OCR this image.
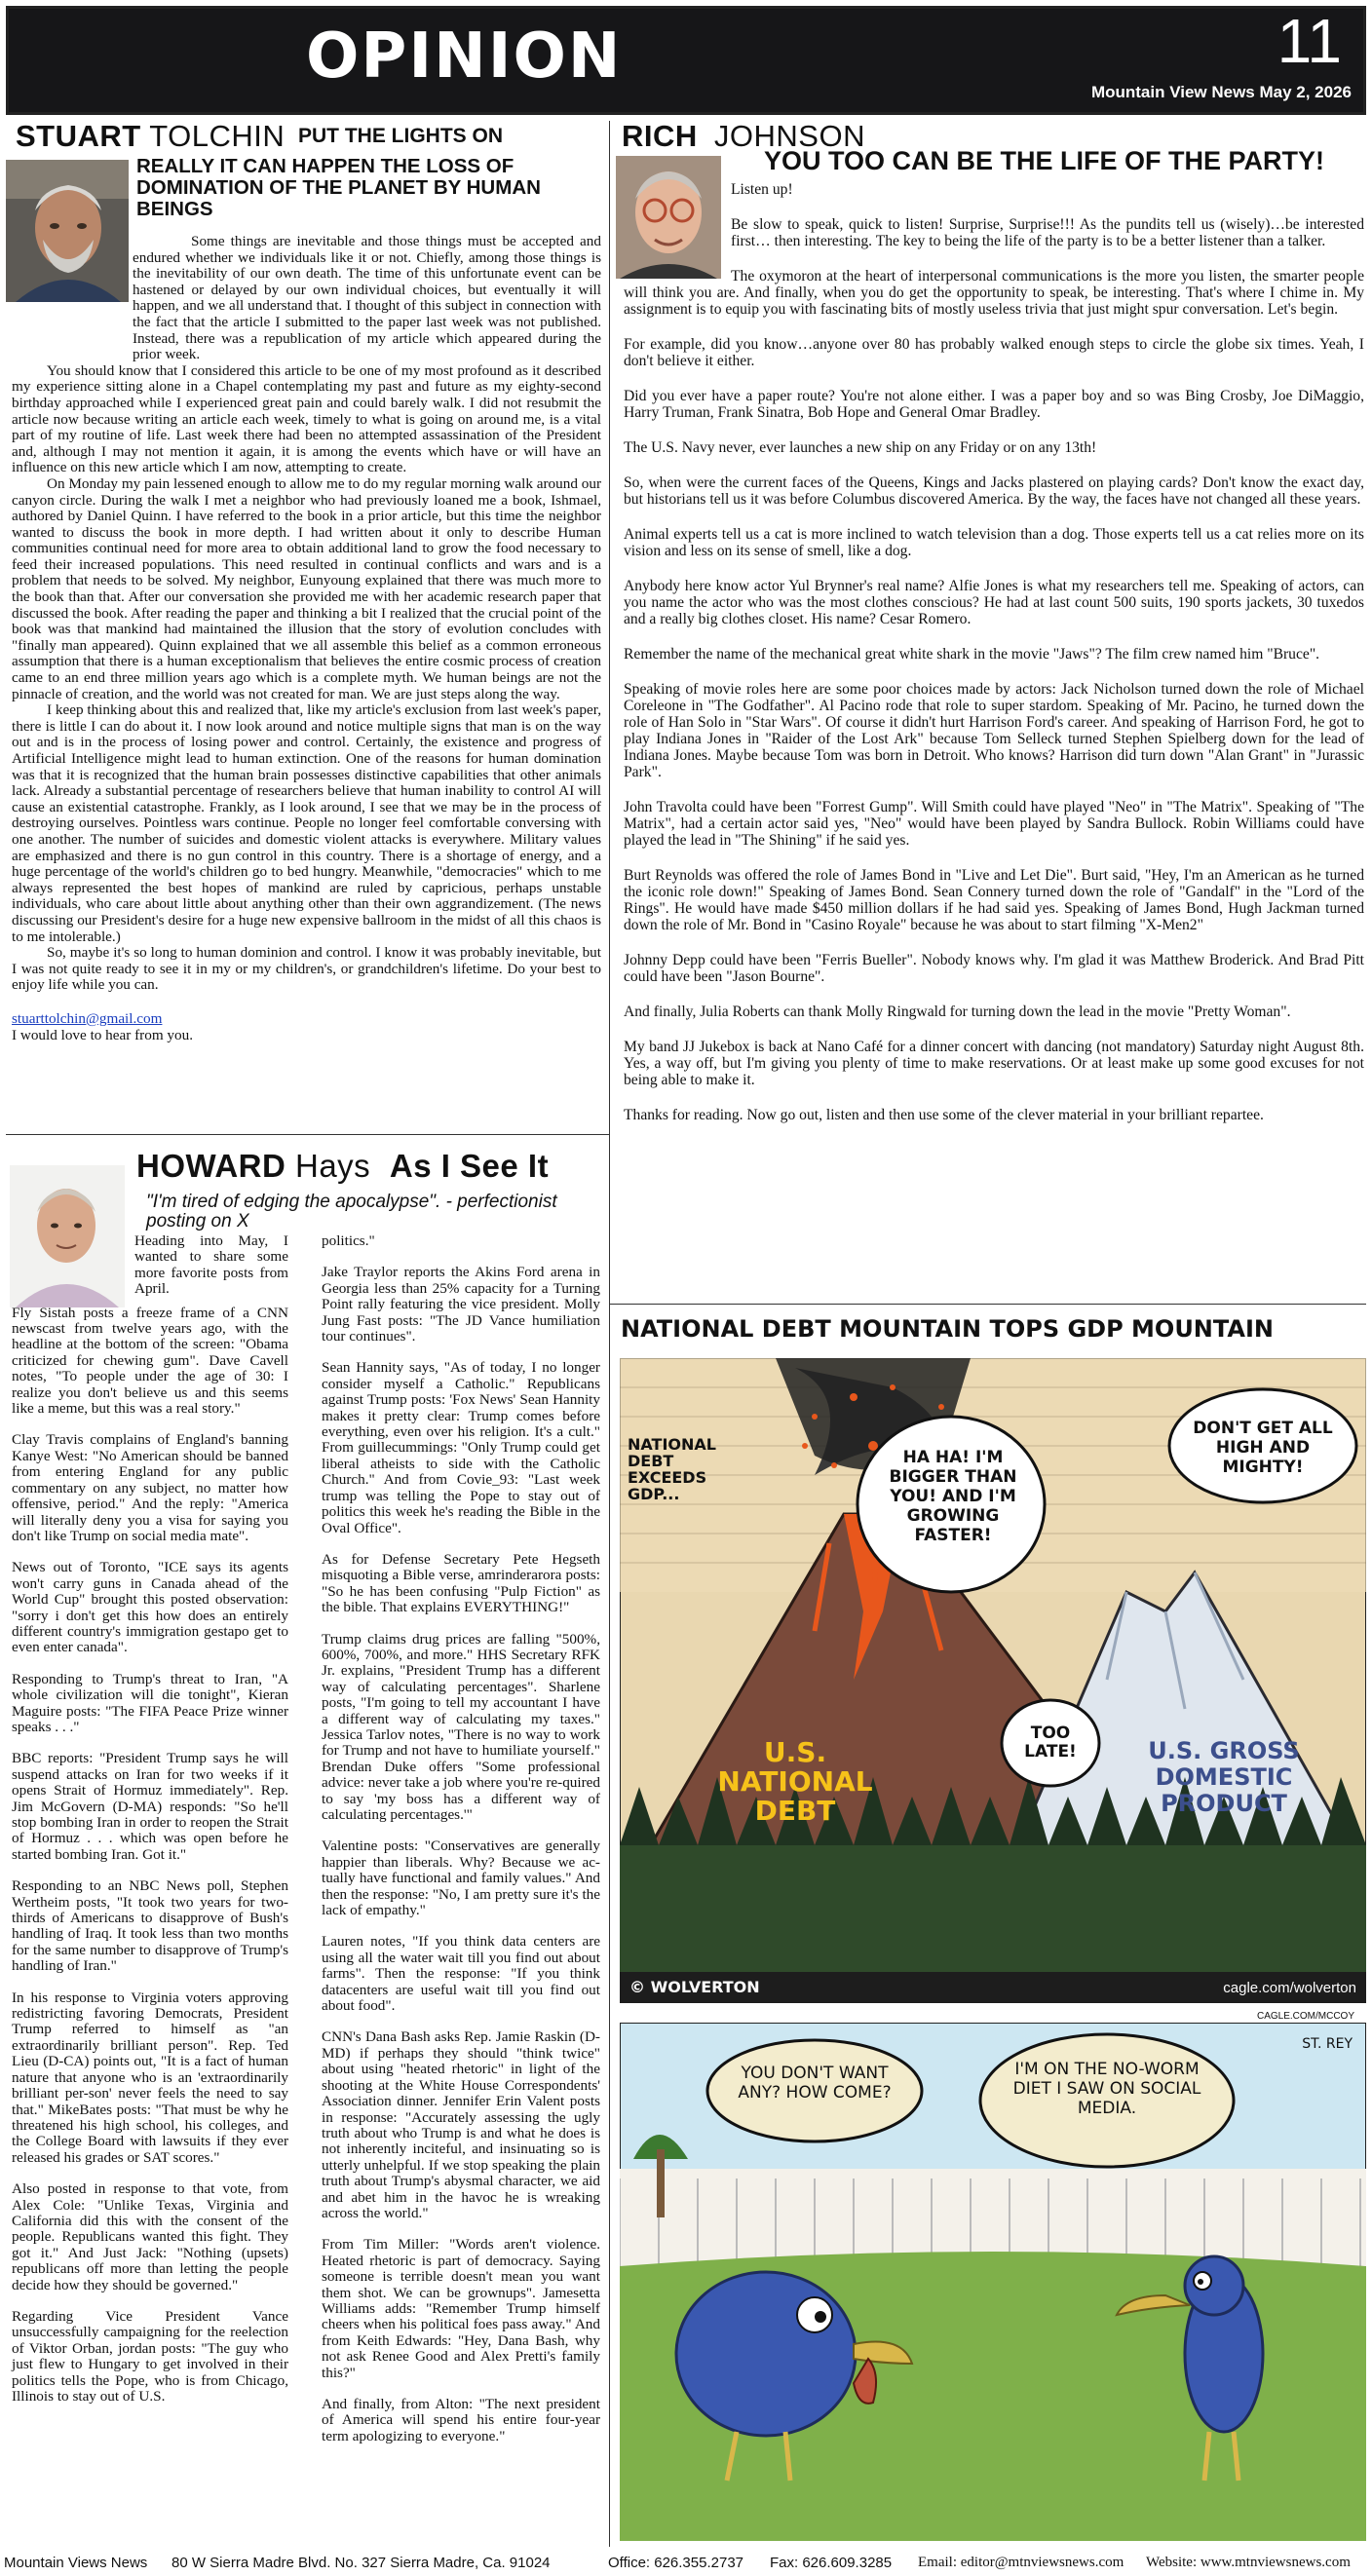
OPINION	11
Mountain View News May 2, 2026
STUART TOLCHIN PUT THE LIGHTS ON
REALLY IT CAN HAPPEN THE LOSS OF DOMINATION OF THE PLANET BY HUMAN BEINGS

Some things are inevitable and those things must be accepted and endured whether we individuals like it or not. Chiefly, among those things is the inevitability of our own death. The time of this unfortunate event can be hastened or delayed by our own individual choices, but eventually it will happen, and we all understand that. I thought of this subject in connection with the fact that the article I submitted to the paper last week was not published. Instead, there was a republication of my article which appeared during the prior week.

You should know that I considered this article to be one of my most profound as it described my experience sitting alone in a Chapel contemplating my past and future as my eighty-second birthday approached while I experienced great pain and could barely walk. I did not resubmit the article now because writing an article each week, timely to what is going on around me, is a vital part of my routine of life. Last week there had been no attempted assassination of the President and, although I may not mention it again, it is among the events which have or will have an influence on this new article which I am now, attempting to create.

On Monday my pain lessened enough to allow me to do my regular morning walk around our canyon circle. During the walk I met a neighbor who had previously loaned me a book, Ishmael, authored by Daniel Quinn. I have referred to the book in a prior article, but this time the neighbor wanted to discuss the book in more depth. I had written about it only to describe Human communities continual need for more area to obtain additional land to grow the food necessary to feed their increased populations. This need resulted in continual conflicts and wars and is a problem that needs to be solved. My neighbor, Eunyoung explained that there was much more to the book than that. After our conversation she provided me with her academic research paper that discussed the book. After reading the paper and thinking a bit I realized that the crucial point of the book was that mankind had maintained the illusion that the story of evolution concludes with "finally man appeared). Quinn explained that we all assemble this belief as a common erroneous assumption that there is a human exceptionalism that believes the entire cosmic process of creation came to an end three million years ago which is a complete myth. We human beings are not the pinnacle of creation, and the world was not created for man. We are just steps along the way.

I keep thinking about this and realized that, like my article's exclusion from last week's paper, there is little I can do about it. I now look around and notice multiple signs that man is on the way out and is in the process of losing power and control. Certainly, the existence and progress of Artificial Intelligence might lead to human extinction. One of the reasons for human domination was that it is recognized that the human brain possesses distinctive capabilities that other animals lack. Already a substantial percentage of researchers believe that human inability to control AI will cause an existential catastrophe. Frankly, as I look around, I see that we may be in the process of destroying ourselves. Pointless wars continue. People no longer feel comfortable conversing with one another. The number of suicides and domestic violent attacks is everywhere. Military values are emphasized and there is no gun control in this country. There is a shortage of energy, and a huge percentage of the world's children go to bed hungry. Meanwhile, "democracies" which to me always represented the best hopes of mankind are ruled by capricious, perhaps unstable individuals, who care about little about anything other than their own aggrandizement. (The news discussing our President's desire for a huge new expensive ballroom in the midst of all this chaos is to me intolerable.)

So, maybe it's so long to human dominion and control. I know it was probably inevitable, but I was not quite ready to see it in my or my children's, or grandchildren's lifetime. Do your best to enjoy life while you can.

stuarttolchin@gmail.com

I would love to hear from you.

HOWARD Hays As I See It
"I'm tired of edging the apocalypse". - perfectionist posting on X

Heading into May, I wanted to share some more favorite posts from April.

Fly Sistah posts a freeze frame of a CNN newscast from twelve years ago, with the headline at the bottom of the screen: "Obama criticized for chewing gum". Dave Cavell notes, "To people under the age of 30: I realize you don't believe us and this seems like a meme, but this was a real story."

Clay Travis complains of England's banning Kanye West: "No American should be banned from entering England for any public commentary on any subject, no matter how offensive, period." And the reply: "America will literally deny you a visa for saying you don't like Trump on social media mate".

News out of Toronto, "ICE says its agents won't carry guns in Canada ahead of the World Cup" brought this posted observation: "sorry i don't get this how does an entirely different country's immigration gestapo get to even enter canada".

Responding to Trump's threat to Iran, "A whole civilization will die tonight", Kieran Maguire posts: "The FIFA Peace Prize winner speaks . . ."

BBC reports: "President Trump says he will suspend attacks on Iran for two weeks if it opens Strait of Hormuz immediately". Rep. Jim McGovern (D-MA) responds: "So he'll stop bombing Iran in order to reopen the Strait of Hormuz . . . which was open before he started bombing Iran. Got it."

Responding to an NBC News poll, Stephen Wertheim posts, "It took two years for two-thirds of Americans to disapprove of Bush's handling of Iraq. It took less than two months for the same number to disapprove of Trump's handling of Iran."

In his response to Virginia voters approving redistricting favoring Democrats, President Trump referred to himself as "an extraordinarily brilliant person". Rep. Ted Lieu (D-CA) points out, "It is a fact of human nature that anyone who is an 'extraordinarily brilliant per-son' never feels the need to say that." MikeBates posts: "That must be why he threatened his high school, his colleges, and the College Board with lawsuits if they ever released his grades or SAT scores."

Also posted in response to that vote, from Alex Cole: "Unlike Texas, Virginia and California did this with the consent of the people. Republicans wanted this fight. They got it." And Just Jack: "Nothing (upsets) republicans off more than letting the people decide how they should be governed."

Regarding Vice President Vance unsuccessfully campaigning for the reelection of Viktor Orban, jordan posts: "The guy who just flew to Hungary to get involved in their politics tells the Pope, who is from Chicago, Illinois to stay out of U.S.

politics."

Jake Traylor reports the Akins Ford arena in Georgia less than 25% capacity for a Turning Point rally featuring the vice president. Molly Jung Fast posts: "The JD Vance humiliation tour continues".

Sean Hannity says, "As of today, I no longer consider myself a Catholic." Republicans against Trump posts: 'Fox News' Sean Hannity makes it pretty clear: Trump comes before everything, even over his religion. It's a cult." From guillecummings: "Only Trump could get liberal atheists to side with the Catholic Church." And from Covie_93: "Last week trump was telling the Pope to stay out of politics this week he's reading the Bible in the Oval Office".

As for Defense Secretary Pete Hegseth misquoting a Bible verse, amrinderarora posts: "So he has been confusing "Pulp Fiction" as the bible. That explains EVERYTHING!"

Trump claims drug prices are falling "500%, 600%, 700%, and more." HHS Secretary RFK Jr. explains, "President Trump has a different way of calculating percentages". Sharlene posts, "I'm going to tell my accountant I have a different way of calculating my taxes." Jessica Tarlov notes, "There is no way to work for Trump and not have to humiliate yourself." Brendan Duke offers "Some professional advice: never take a job where you're re-quired to say 'my boss has a different way of calculating percentages.'"

Valentine posts: "Conservatives are generally happier than liberals. Why? Because we ac-tually have functional and family values." And then the response: "No, I am pretty sure it's the lack of empathy."

Lauren notes, "If you think data centers are using all the water wait till you find out about farms". Then the response: "If you think datacenters are useful wait till you find out about food".

CNN's Dana Bash asks Rep. Jamie Raskin (D-MD) if perhaps they should "think twice" about using "heated rhetoric" in light of the shooting at the White House Correspondents' Association dinner. Jennifer Erin Valent posts in response: "Accurately assessing the ugly truth about who Trump is and what he does is not inherently inciteful, and insinuating so is utterly unhelpful. If we stop speaking the plain truth about Trump's abysmal character, we aid and abet him in the havoc he is wreaking across the world."

From Tim Miller: "Words aren't violence. Heated rhetoric is part of democracy. Saying someone is terrible doesn't mean you want them shot. We can be grownups". Jamesetta Williams adds: "Remember Trump himself cheers when his political foes pass away." And from Keith Edwards: "Hey, Dana Bash, why not ask Renee Good and Alex Pretti's family this?"

And finally, from Alton: "The next president of America will spend his entire four-year term apologizing to everyone."

RICH JOHNSON
YOU TOO CAN BE THE LIFE OF THE PARTY!

Listen up!

Be slow to speak, quick to listen! Surprise, Surprise!!! As the pundits tell us (wisely)…be interested first… then interesting. The key to being the life of the party is to be a better listener than a talker.

The oxymoron at the heart of interpersonal communications is the more you listen, the smarter people will think you are. And finally, when you do get the opportunity to speak, be interesting. That's where I chime in. My assignment is to equip you with fascinating bits of mostly useless trivia that just might spur conversation. Let's begin.

For example, did you know…anyone over 80 has probably walked enough steps to circle the globe six times. Yeah, I don't believe it either.

Did you ever have a paper route? You're not alone either. I was a paper boy and so was Bing Crosby, Joe DiMaggio, Harry Truman, Frank Sinatra, Bob Hope and General Omar Bradley.

The U.S. Navy never, ever launches a new ship on any Friday or on any 13th!

So, when were the current faces of the Queens, Kings and Jacks plastered on playing cards? Don't know the exact day, but historians tell us it was before Columbus discovered America. By the way, the faces have not changed all these years.

Animal experts tell us a cat is more inclined to watch television than a dog. Those experts tell us a cat relies more on its vision and less on its sense of smell, like a dog.

Anybody here know actor Yul Brynner's real name? Alfie Jones is what my researchers tell me. Speaking of actors, can you name the actor who was the most clothes conscious? He had at last count 500 suits, 190 sports jackets, 30 tuxedos and a really big clothes closet. His name? Cesar Romero.

Remember the name of the mechanical great white shark in the movie "Jaws"? The film crew named him "Bruce".

Speaking of movie roles here are some poor choices made by actors: Jack Nicholson turned down the role of Michael Coreleone in "The Godfather". Al Pacino rode that role to super stardom. Speaking of Mr. Pacino, he turned down the role of Han Solo in "Star Wars". Of course it didn't hurt Harrison Ford's career. And speaking of Harrison Ford, he got to play Indiana Jones in "Raider of the Lost Ark" because Tom Selleck turned Stephen Spielberg down for the lead of Indiana Jones. Maybe because Tom was born in Detroit. Who knows? Harrison did turn down "Alan Grant" in "Jurassic Park".

John Travolta could have been "Forrest Gump". Will Smith could have played "Neo" in "The Matrix". Speaking of "The Matrix", had a certain actor said yes, "Neo" would have been played by Sandra Bullock. Robin Williams could have played the lead in "The Shining" if he said yes.

Burt Reynolds was offered the role of James Bond in "Live and Let Die". Burt said, "Hey, I'm an American as he turned the iconic role down!" Speaking of James Bond. Sean Connery turned down the role of "Gandalf" in the "Lord of the Rings". He would have made $450 million dollars if he had said yes. Speaking of James Bond, Hugh Jackman turned down the role of Mr. Bond in "Casino Royale" because he was about to start filming "X-Men2"

Johnny Depp could have been "Ferris Bueller". Nobody knows why. I'm glad it was Matthew Broderick. And Brad Pitt could have been "Jason Bourne".

And finally, Julia Roberts can thank Molly Ringwald for turning down the lead in the movie "Pretty Woman".

My band JJ Jukebox is back at Nano Café for a dinner concert with dancing (not mandatory) Saturday night August 8th. Yes, a way off, but I'm giving you plenty of time to make reservations. Or at least make up some good excuses for not being able to make it.

Thanks for reading. Now go out, listen and then use some of the clever material in your brilliant repartee.

NATIONAL DEBT MOUNTAIN TOPS GDP MOUNTAIN
NATIONAL DEBT EXCEEDS GDP...
HA HA! I'M BIGGER THAN YOU! AND I'M GROWING FASTER!
DON'T GET ALL HIGH AND MIGHTY!
TOO LATE!
U.S. NATIONAL DEBT
U.S. GROSS DOMESTIC PRODUCT
© WOLVERTON	cagle.com/wolverton
CAGLE.COM/MCCOY
YOU DON'T WANT ANY? HOW COME?
I'M ON THE NO-WORM DIET I SAW ON SOCIAL MEDIA.
ST. REY
Mountain Views News 80 W Sierra Madre Blvd. No. 327 Sierra Madre, Ca. 91024	Office: 626.355.2737 Fax: 626.609.3285 Email: editor@mtnviewsnews.com Website: www.mtnviewsnews.com
